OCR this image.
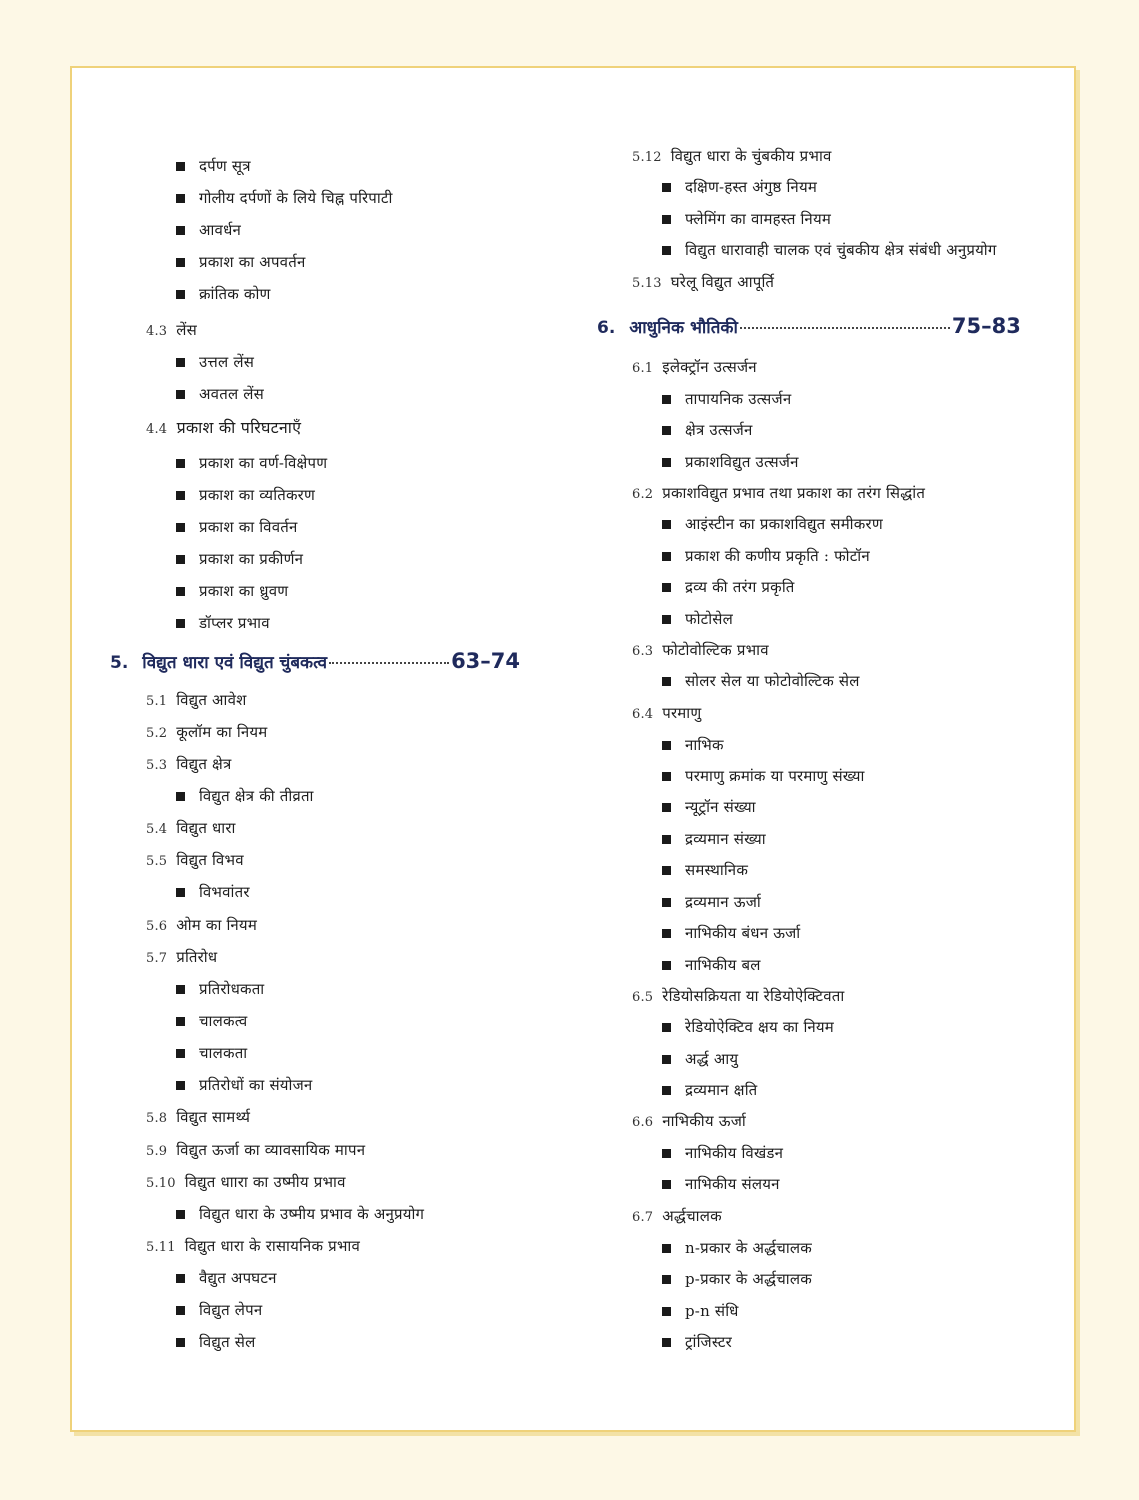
दर्पण सूत्र
गोलीय दर्पणों के लिये चिह्न परिपाटी
आवर्धन
प्रकाश का अपवर्तन
क्रांतिक कोण
4.3 लेंस
उत्तल लेंस
अवतल लेंस
4.4 प्रकाश की परिघटनाएँ
प्रकाश का वर्ण-विक्षेपण
प्रकाश का व्यतिकरण
प्रकाश का विवर्तन
प्रकाश का प्रकीर्णन
प्रकाश का ध्रुवण
डॉप्लर प्रभाव
5. विद्युत धारा एवं विद्युत चुंबकत्व	63–74
5.1 विद्युत आवेश
5.2 कूलॉम का नियम
5.3 विद्युत क्षेत्र
विद्युत क्षेत्र की तीव्रता
5.4 विद्युत धारा
5.5 विद्युत विभव
विभवांतर
5.6 ओम का नियम
5.7 प्रतिरोध
प्रतिरोधकता
चालकत्व
चालकता
प्रतिरोधों का संयोजन
5.8 विद्युत सामर्थ्य
5.9 विद्युत ऊर्जा का व्यावसायिक मापन
5.10 विद्युत धाारा का उष्मीय प्रभाव
विद्युत धारा के उष्मीय प्रभाव के अनुप्रयोग
5.11 विद्युत धारा के रासायनिक प्रभाव
वैद्युत अपघटन
विद्युत लेपन
विद्युत सेल
5.12 विद्युत धारा के चुंबकीय प्रभाव
दक्षिण-हस्त अंगुष्ठ नियम
फ्लेमिंग का वामहस्त नियम
विद्युत धारावाही चालक एवं चुंबकीय क्षेत्र संबंधी अनुप्रयोग
5.13 घरेलू विद्युत आपूर्ति
6. आधुनिक भौतिकी	75–83
6.1 इलेक्ट्रॉन उत्सर्जन
तापायनिक उत्सर्जन
क्षेत्र उत्सर्जन
प्रकाशविद्युत उत्सर्जन
6.2 प्रकाशविद्युत प्रभाव तथा प्रकाश का तरंग सिद्धांत
आइंस्टीन का प्रकाशविद्युत समीकरण
प्रकाश की कणीय प्रकृति : फोटॉन
द्रव्य की तरंग प्रकृति
फोटोसेल
6.3 फोटोवोल्टिक प्रभाव
सोलर सेल या फोटोवोल्टिक सेल
6.4 परमाणु
नाभिक
परमाणु क्रमांक या परमाणु संख्या
न्यूट्रॉन संख्या
द्रव्यमान संख्या
समस्थानिक
द्रव्यमान ऊर्जा
नाभिकीय बंधन ऊर्जा
नाभिकीय बल
6.5 रेडियोसक्रियता या रेडियोऐक्टिवता
रेडियोऐक्टिव क्षय का नियम
अर्द्ध आयु
द्रव्यमान क्षति
6.6 नाभिकीय ऊर्जा
नाभिकीय विखंडन
नाभिकीय संलयन
6.7 अर्द्धचालक
n-प्रकार के अर्द्धचालक
p-प्रकार के अर्द्धचालक
p-n संधि
ट्रांजिस्टर
